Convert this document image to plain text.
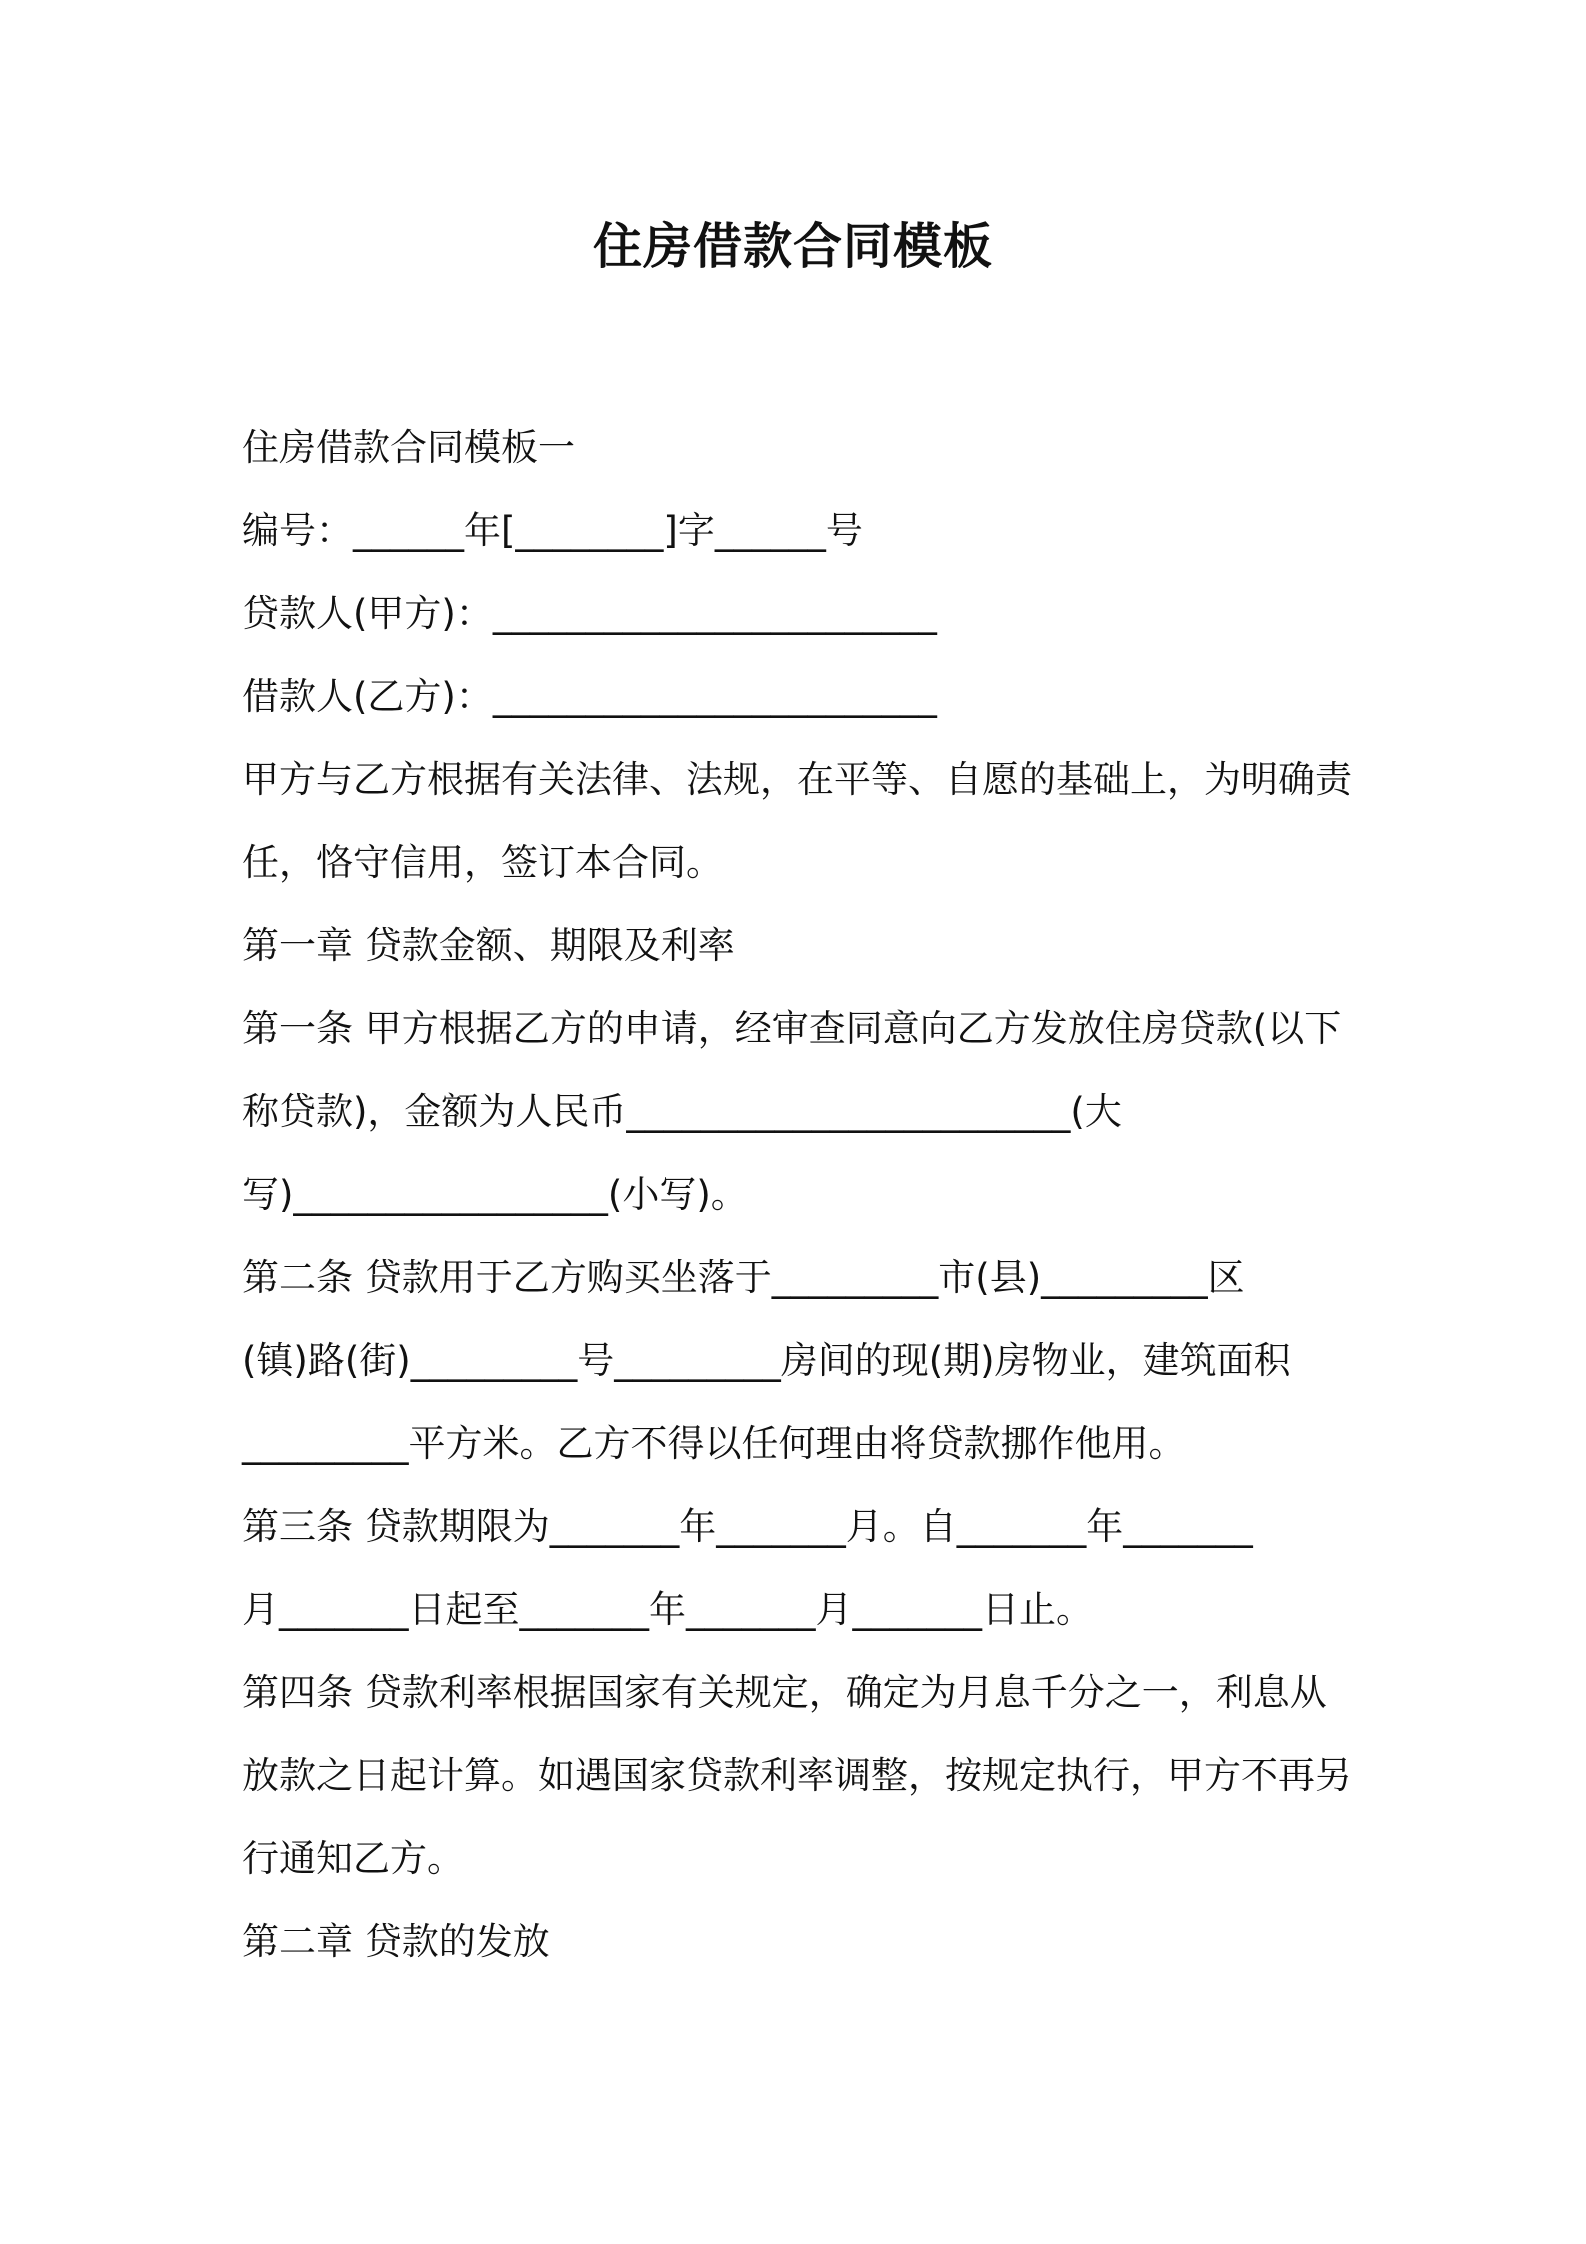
住房借款合同模板

住房借款合同模板一

编号：______年[________]字______号

贷款人(甲方)：________________________

借款人(乙方)：________________________

甲方与乙方根据有关法律、法规，在平等、自愿的基础上，为明确责

任，恪守信用，签订本合同。

第一章 贷款金额、期限及利率

第一条 甲方根据乙方的申请，经审查同意向乙方发放住房贷款(以下

称贷款)，金额为人民币________________________(大

写)_________________(小写)。

第二条 贷款用于乙方购买坐落于_________市(县)_________区

(镇)路(街)_________号_________房间的现(期)房物业，建筑面积

_________平方米。乙方不得以任何理由将贷款挪作他用。

第三条 贷款期限为_______年_______月。自_______年_______

月_______日起至_______年_______月_______日止。

第四条 贷款利率根据国家有关规定，确定为月息千分之一，利息从

放款之日起计算。如遇国家贷款利率调整，按规定执行，甲方不再另

行通知乙方。

第二章 贷款的发放
